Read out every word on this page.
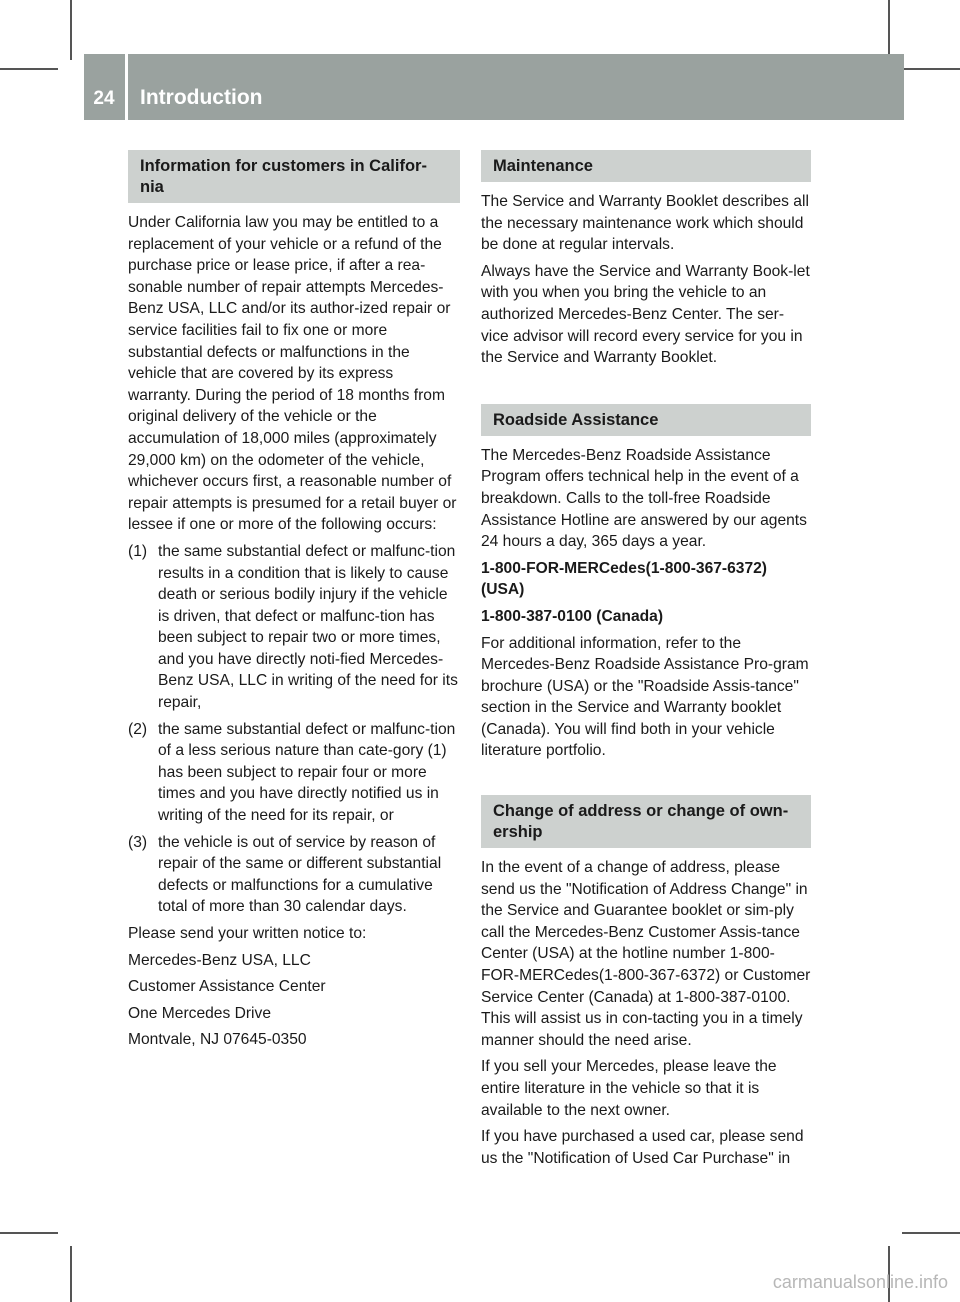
24	Introduction
Information for customers in Califor-nia

Under California law you may be entitled to a replacement of your vehicle or a refund of the purchase price or lease price, if after a rea-sonable number of repair attempts Mercedes-Benz USA, LLC and/or its author-ized repair or service facilities fail to fix one or more substantial defects or malfunctions in the vehicle that are covered by its express warranty. During the period of 18 months from original delivery of the vehicle or the accumulation of 18,000 miles (approximately 29,000 km) on the odometer of the vehicle, whichever occurs first, a reasonable number of repair attempts is presumed for a retail buyer or lessee if one or more of the following occurs:

(1) the same substantial defect or malfunc-tion results in a condition that is likely to cause death or serious bodily injury if the vehicle is driven, that defect or malfunc-tion has been subject to repair two or more times, and you have directly noti-fied Mercedes-Benz USA, LLC in writing of the need for its repair,
(2) the same substantial defect or malfunc-tion of a less serious nature than cate-gory (1) has been subject to repair four or more times and you have directly notified us in writing of the need for its repair, or
(3) the vehicle is out of service by reason of repair of the same or different substantial defects or malfunctions for a cumulative total of more than 30 calendar days.

Please send your written notice to:

Mercedes-Benz USA, LLC

Customer Assistance Center

One Mercedes Drive

Montvale, NJ 07645-0350

Maintenance

The Service and Warranty Booklet describes all the necessary maintenance work which should be done at regular intervals.

Always have the Service and Warranty Book-let with you when you bring the vehicle to an authorized Mercedes-Benz Center. The ser-vice advisor will record every service for you in the Service and Warranty Booklet.

Roadside Assistance

The Mercedes-Benz Roadside Assistance Program offers technical help in the event of a breakdown. Calls to the toll-free Roadside Assistance Hotline are answered by our agents 24 hours a day, 365 days a year.

1-800-FOR-MERCedes(1-800-367-6372) (USA)

1-800-387-0100 (Canada)

For additional information, refer to the Mercedes-Benz Roadside Assistance Pro-gram brochure (USA) or the "Roadside Assis-tance" section in the Service and Warranty booklet (Canada). You will find both in your vehicle literature portfolio.

Change of address or change of own-ership

In the event of a change of address, please send us the "Notification of Address Change" in the Service and Guarantee booklet or sim-ply call the Mercedes-Benz Customer Assis-tance Center (USA) at the hotline number 1-800-FOR-MERCedes(1-800-367-6372) or Customer Service Center (Canada) at 1-800-387-0100. This will assist us in con-tacting you in a timely manner should the need arise.

If you sell your Mercedes, please leave the entire literature in the vehicle so that it is available to the next owner.

If you have purchased a used car, please send us the "Notification of Used Car Purchase" in

carmanualsonline.info
